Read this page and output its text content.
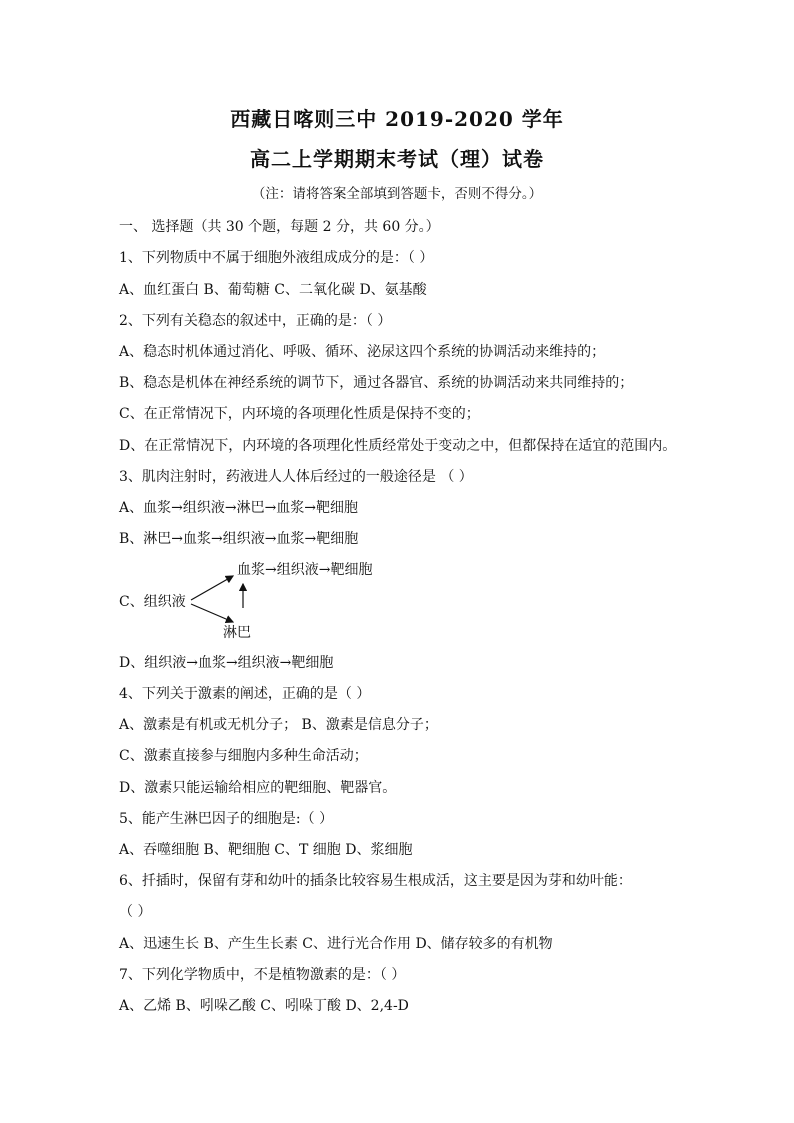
西藏日喀则三中 2019-2020 学年
高二上学期期末考试（理）试卷
（注：请将答案全部填到答题卡，否则不得分。）
一、 选择题（共 30 个题，每题 2 分，共 60 分。）
1、下列物质中不属于细胞外液组成成分的是：（ ）
A、血红蛋白 B、葡萄糖 C、二氧化碳 D、氨基酸
2、下列有关稳态的叙述中，正确的是：（ ）
A、稳态时机体通过消化、呼吸、循环、泌尿这四个系统的协调活动来维持的；
B、稳态是机体在神经系统的调节下，通过各器官、系统的协调活动来共同维持的；
C、在正常情况下，内环境的各项理化性质是保持不变的；
D、在正常情况下，内环境的各项理化性质经常处于变动之中，但都保持在适宜的范围内。
3、肌肉注射时，药液进人人体后经过的一般途径是 （ ）
A、血浆→组织液→淋巴→血浆→靶细胞
B、淋巴→血浆→组织液→血浆→靶细胞
C、组织液
血浆→组织液→靶细胞
淋巴
D、组织液→血浆→组织液→靶细胞
4、下列关于激素的阐述，正确的是（ ）
A、激素是有机或无机分子； B、激素是信息分子；
C、激素直接参与细胞内多种生命活动；
D、激素只能运输给相应的靶细胞、靶器官。
5、能产生淋巴因子的细胞是:（ ）
A、吞噬细胞 B、靶细胞 C、T 细胞 D、浆细胞
6、扦插时，保留有芽和幼叶的插条比较容易生根成活，这主要是因为芽和幼叶能：
（ ）
A、迅速生长 B、产生生长素 C、进行光合作用 D、储存较多的有机物
7、下列化学物质中，不是植物激素的是：（ ）
A、乙烯 B、吲哚乙酸 C、吲哚丁酸 D、2,4-D
